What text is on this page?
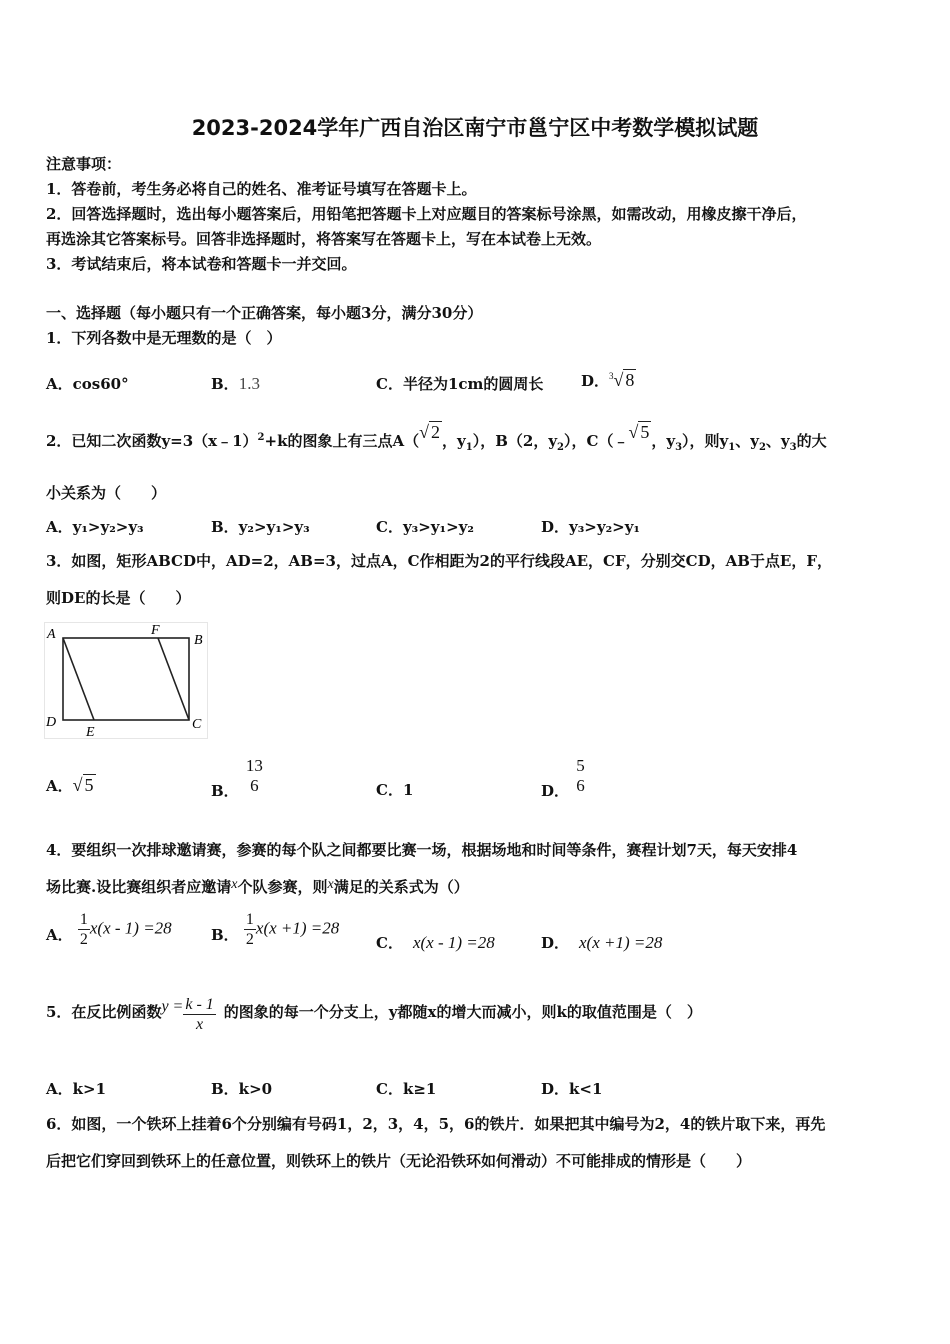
2023-2024学年广西自治区南宁市邕宁区中考数学模拟试题
注意事项：
1．答卷前，考生务必将自己的姓名、准考证号填写在答题卡上。
2．回答选择题时，选出每小题答案后，用铅笔把答题卡上对应题目的答案标号涂黑，如需改动，用橡皮擦干净后，
再选涂其它答案标号。回答非选择题时，将答案写在答题卡上，写在本试卷上无效。
3．考试结束后，将本试卷和答题卡一并交回。
一、选择题（每小题只有一个正确答案，每小题3分，满分30分）
1．下列各数中是无理数的是（　）
A．cos60°	B．1.3	C．半径为1cm的圆周长	D．$^3$√ 8
2．已知二次函数y=3（x﹣1）$^2$+k的图象上有三点A（√ 2 ，$y_1$），B（2，$y_2$），C（﹣√ 5 ，$y_3$），则$y_1$、$y_2$、$y_3$的大
小关系为（　　）
A．y₁>y₂>y₃	B．y₂>y₁>y₃	C．y₃>y₁>y₂	D．y₃>y₂>y₁
3．如图，矩形ABCD中，AD=2，AB=3，过点A，C作相距为2的平行线段AE，CF，分别交CD，AB于点E，F，
则DE的长是（　　）
A	F
B
D	C
E
A．√ 5	B．
13
6	C．1	D．
5
6
4．要组织一次排球邀请赛，参赛的每个队之间都要比赛一场，根据场地和时间等条件，赛程计划7天，每天安排4
场比赛.设比赛组织者应邀请x个队参赛，则x满足的关系式为（）
A． $\frac{1}{2} x(x - 1) =28$	B． $\frac{1}{2} x(x +1) =28$
C． x(x - 1) =28	D． x(x +1) =28
5．在反比例函数$y = \frac{k - 1}{x}$ 的图象的每一个分支上，y都随x的增大而减小，则k的取值范围是（　）
A．k>1	B．k>0	C．k≥1	D．k<1
6．如图，一个铁环上挂着6个分别编有号码1，2，3，4，5，6的铁片．如果把其中编号为2，4的铁片取下来，再先
后把它们穿回到铁环上的任意位置，则铁环上的铁片（无论沿铁环如何滑动）不可能排成的情形是（　　）
